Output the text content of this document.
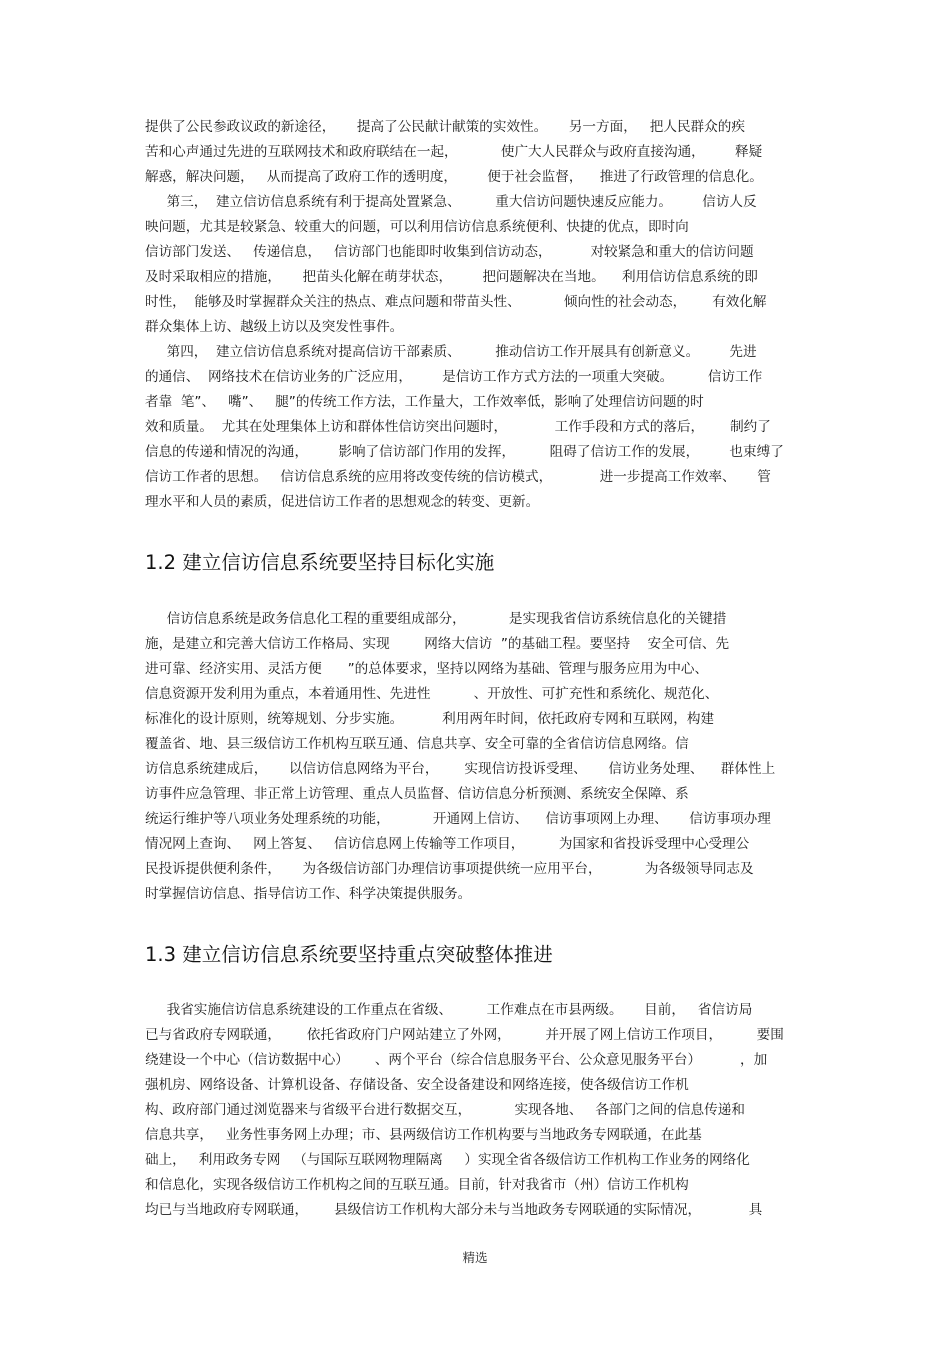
提供了公民参政议政的新途径，     提高了公民献计献策的实效性。     另一方面，   把人民群众的疾
苦和心声通过先进的互联网技术和政府联结在一起，          使广大人民群众与政府直接沟通，       释疑
解惑，解决问题，   从而提高了政府工作的透明度，       便于社会监督，    推进了行政管理的信息化。
第三，  建立信访信息系统有利于提高处置紧急、        重大信访问题快速反应能力。       信访人反
映问题，尤其是较紧急、较重大的问题，可以利用信访信息系统便利、快捷的优点，即时向
信访部门发送、   传递信息，   信访部门也能即时收集到信访动态，         对较紧急和重大的信访问题
及时采取相应的措施，     把苗头化解在萌芽状态，       把问题解决在当地。    利用信访信息系统的即
时性，  能够及时掌握群众关注的热点、难点问题和带苗头性、          倾向性的社会动态，      有效化解
群众集体上访、越级上访以及突发性事件。
第四，  建立信访信息系统对提高信访干部素质、        推动信访工作开展具有创新意义。       先进
的通信、  网络技术在信访业务的广泛应用，       是信访工作方式方法的一项重大突破。        信访工作
者靠  笔”、   嘴”、   腿”的传统工作方法，工作量大，工作效率低，影响了处理信访问题的时
效和质量。  尤其在处理集体上访和群体性信访突出问题时，           工作手段和方式的落后，      制约了
信息的传递和情况的沟通，       影响了信访部门作用的发挥，        阻碍了信访工作的发展，       也束缚了
信访工作者的思想。   信访信息系统的应用将改变传统的信访模式，           进一步提高工作效率、     管
理水平和人员的素质，促进信访工作者的思想观念的转变、更新。
1.2 建立信访信息系统要坚持目标化实施
信访信息系统是政务信息化工程的重要组成部分，          是实现我省信访系统信息化的关键措
施，是建立和完善大信访工作格局、实现        网络大信访  ”的基础工程。要坚持    安全可信、先
进可靠、经济实用、灵活方便      ”的总体要求，坚持以网络为基础、管理与服务应用为中心、
信息资源开发利用为重点，本着通用性、先进性          、开放性、可扩充性和系统化、规范化、
标准化的设计原则，统筹规划、分步实施。         利用两年时间，依托政府专网和互联网，构建
覆盖省、地、县三级信访工作机构互联互通、信息共享、安全可靠的全省信访信息网络。信
访信息系统建成后，     以信访信息网络为平台，      实现信访投诉受理、     信访业务处理、    群体性上
访事件应急管理、非正常上访管理、重点人员监督、信访信息分析预测、系统安全保障、系
统运行维护等八项业务处理系统的功能，          开通网上信访、    信访事项网上办理、     信访事项办理
情况网上查询、   网上答复、   信访信息网上传输等工作项目，        为国家和省投诉受理中心受理公
民投诉提供便利条件，     为各级信访部门办理信访事项提供统一应用平台，          为各级领导同志及
时掌握信访信息、指导信访工作、科学决策提供服务。
1.3 建立信访信息系统要坚持重点突破整体推进
我省实施信访信息系统建设的工作重点在省级、        工作难点在市县两级。     目前，   省信访局
已与省政府专网联通，      依托省政府门户网站建立了外网，        并开展了网上信访工作项目，        要围
绕建设一个中心（信访数据中心）      、两个平台（综合信息服务平台、公众意见服务平台）         ，加
强机房、网络设备、计算机设备、存储设备、安全设备建设和网络连接，使各级信访工作机
构、政府部门通过浏览器来与省级平台进行数据交互，          实现各地、   各部门之间的信息传递和
信息共享，   业务性事务网上办理；市、县两级信访工作机构要与当地政务专网联通，在此基
础上，   利用政务专网   （与国际互联网物理隔离     ）实现全省各级信访工作机构工作业务的网络化
和信息化，实现各级信访工作机构之间的互联互通。目前，针对我省市（州）信访工作机构
均已与当地政府专网联通，      县级信访工作机构大部分未与当地政务专网联通的实际情况，           具
精选
